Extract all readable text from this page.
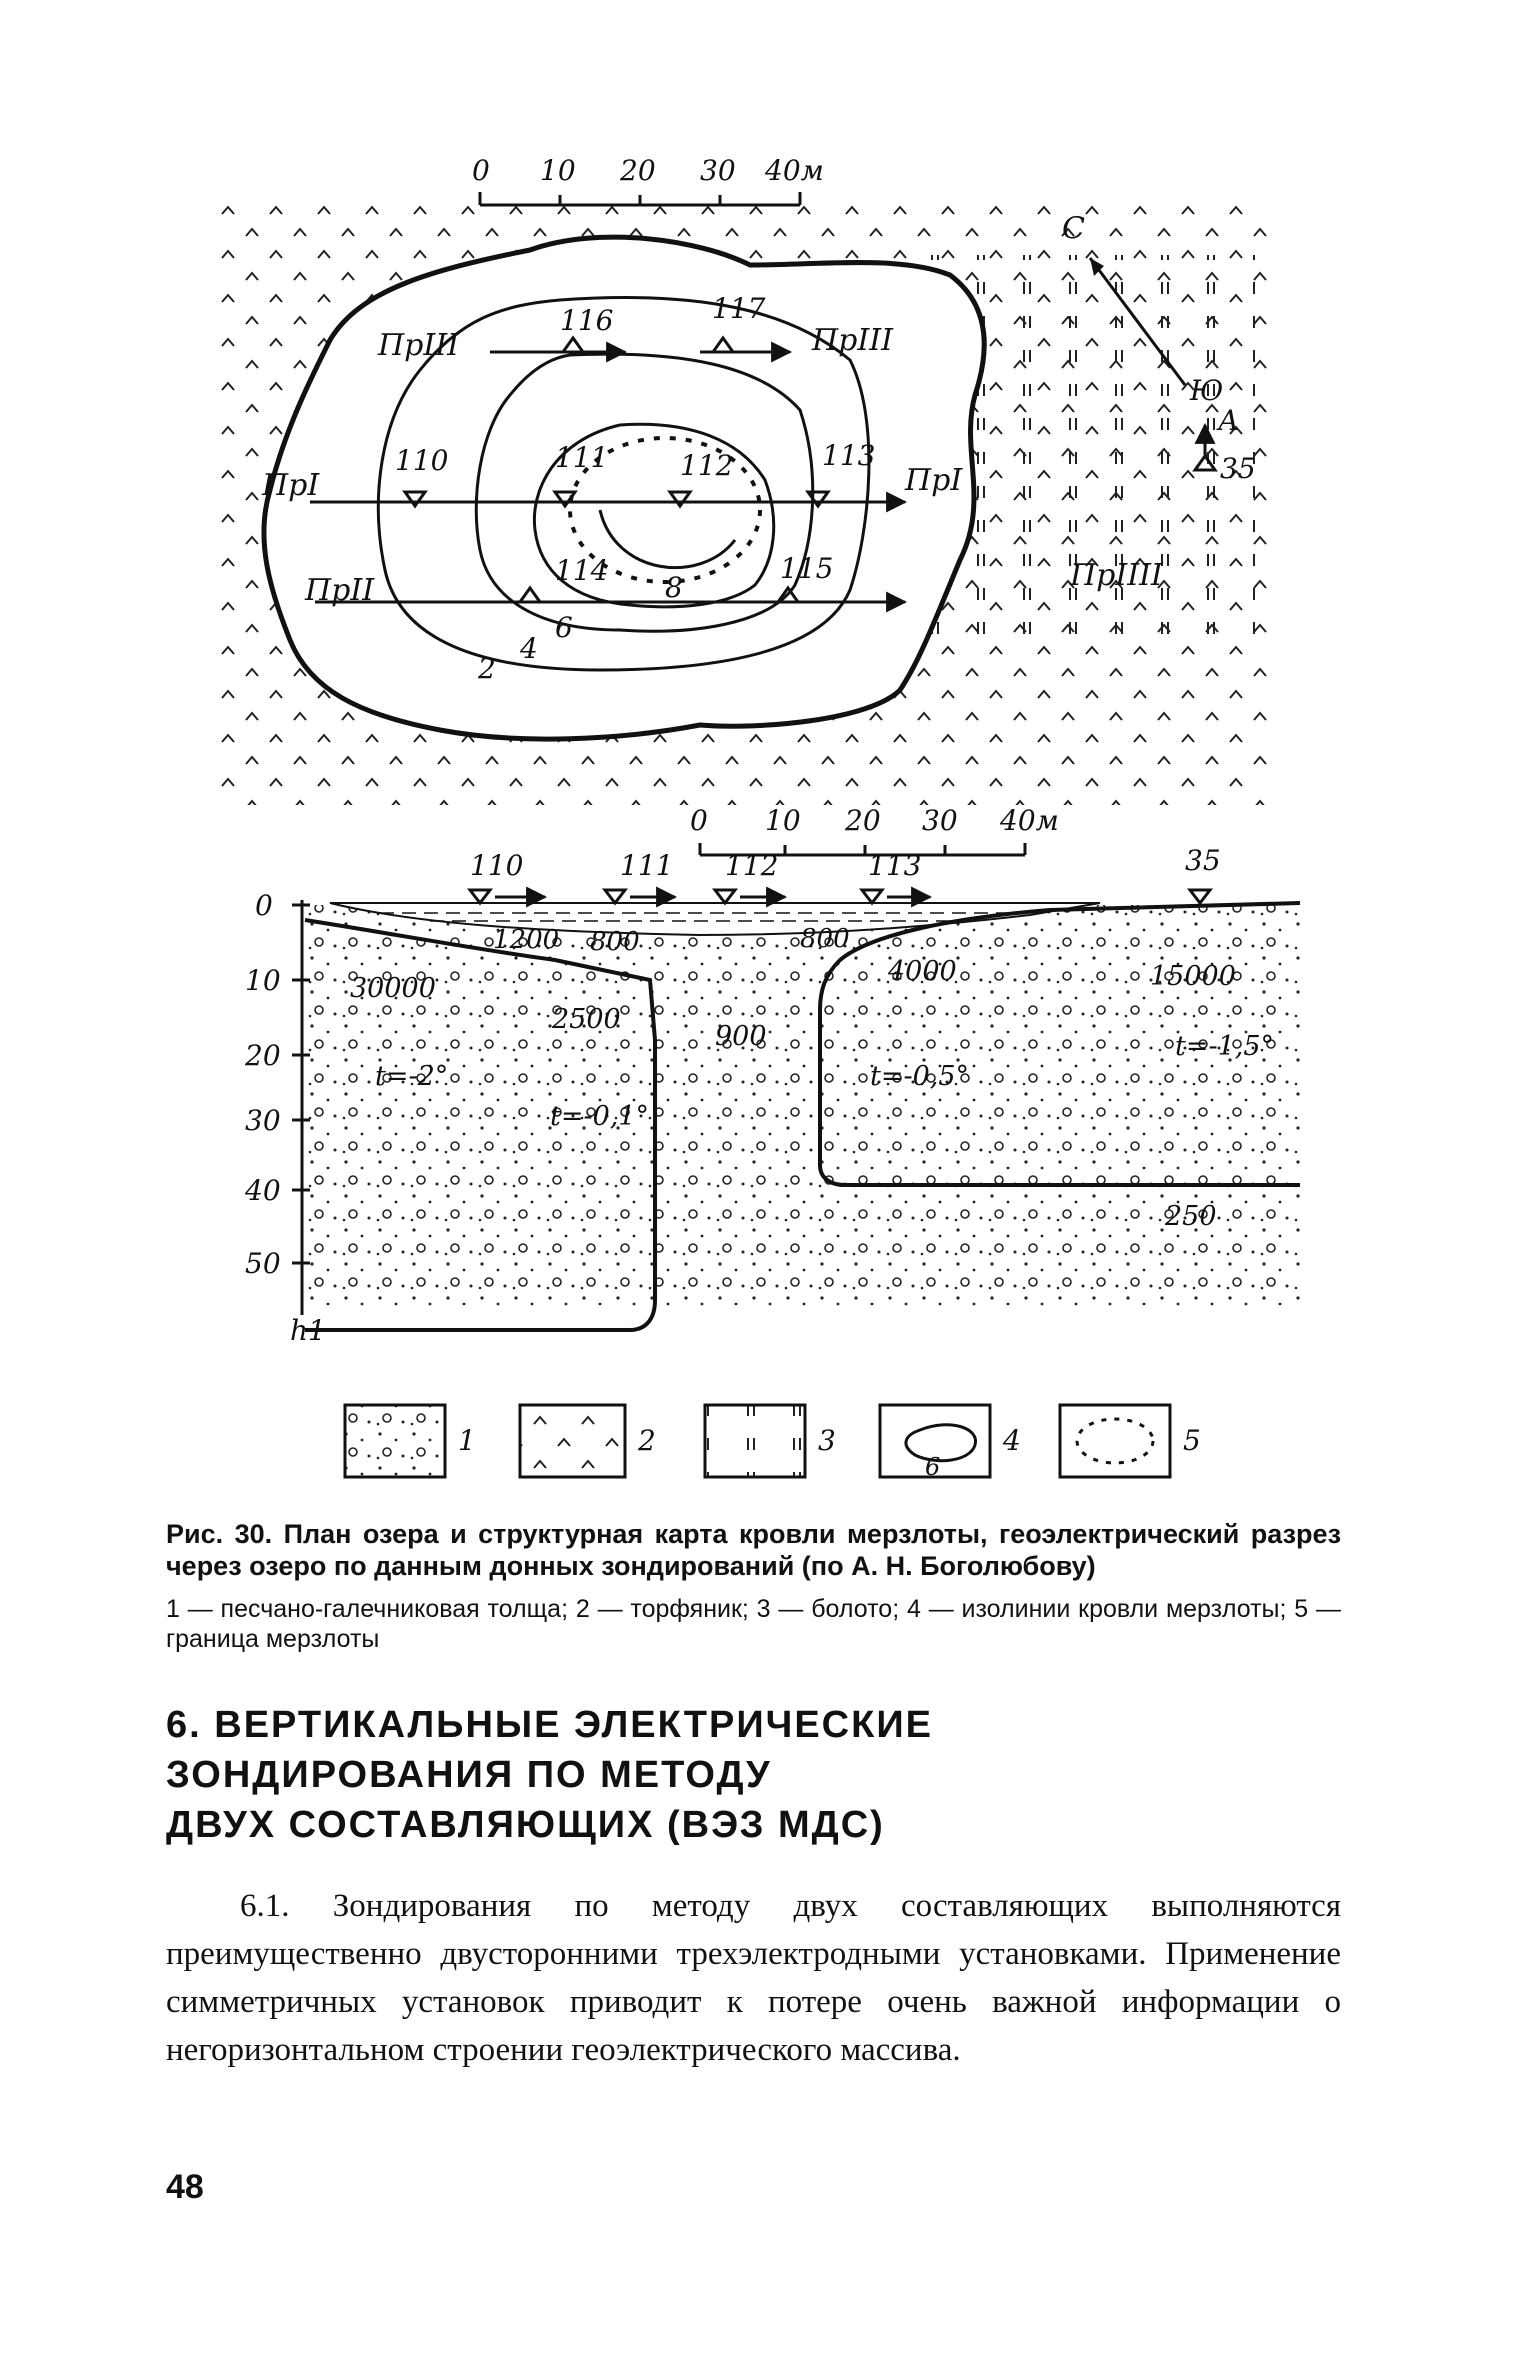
0 10 20 30 40м
С
Ю
А
ПрI
ПрII
ПрIII
ПрI
ПрIII
ПрIIII
110	111	112	113
114	115
116	117
35
2
4
6
8
0 10 20 30 40м
110	111 112	113	35
0
10
20
30
40
50
h1
1200 800	800
30000
2500
900
4000	15000
250
t=-2°
t=-0,1°
t=-0,5°
t=-1,5°
1	2	3
6
4	5
Рис. 30. План озера и структурная карта кровли мерзлоты, геоэлектрический разрез через озеро по данным донных зондирований (по А. Н. Боголюбову)
1 — песчано-галечниковая толща; 2 — торфяник; 3 — болото; 4 — изолинии кровли мерзлоты; 5 — граница мерзлоты
6. ВЕРТИКАЛЬНЫЕ ЭЛЕКТРИЧЕСКИЕ
ЗОНДИРОВАНИЯ ПО МЕТОДУ
ДВУХ СОСТАВЛЯЮЩИХ (ВЭЗ МДС)
6.1. Зондирования по методу двух составляющих выполняются преимущественно двусторонними трехэлектродными установками. Применение симметричных установок приводит к потере очень важной информации о негоризонтальном строении геоэлектрического массива.
48
